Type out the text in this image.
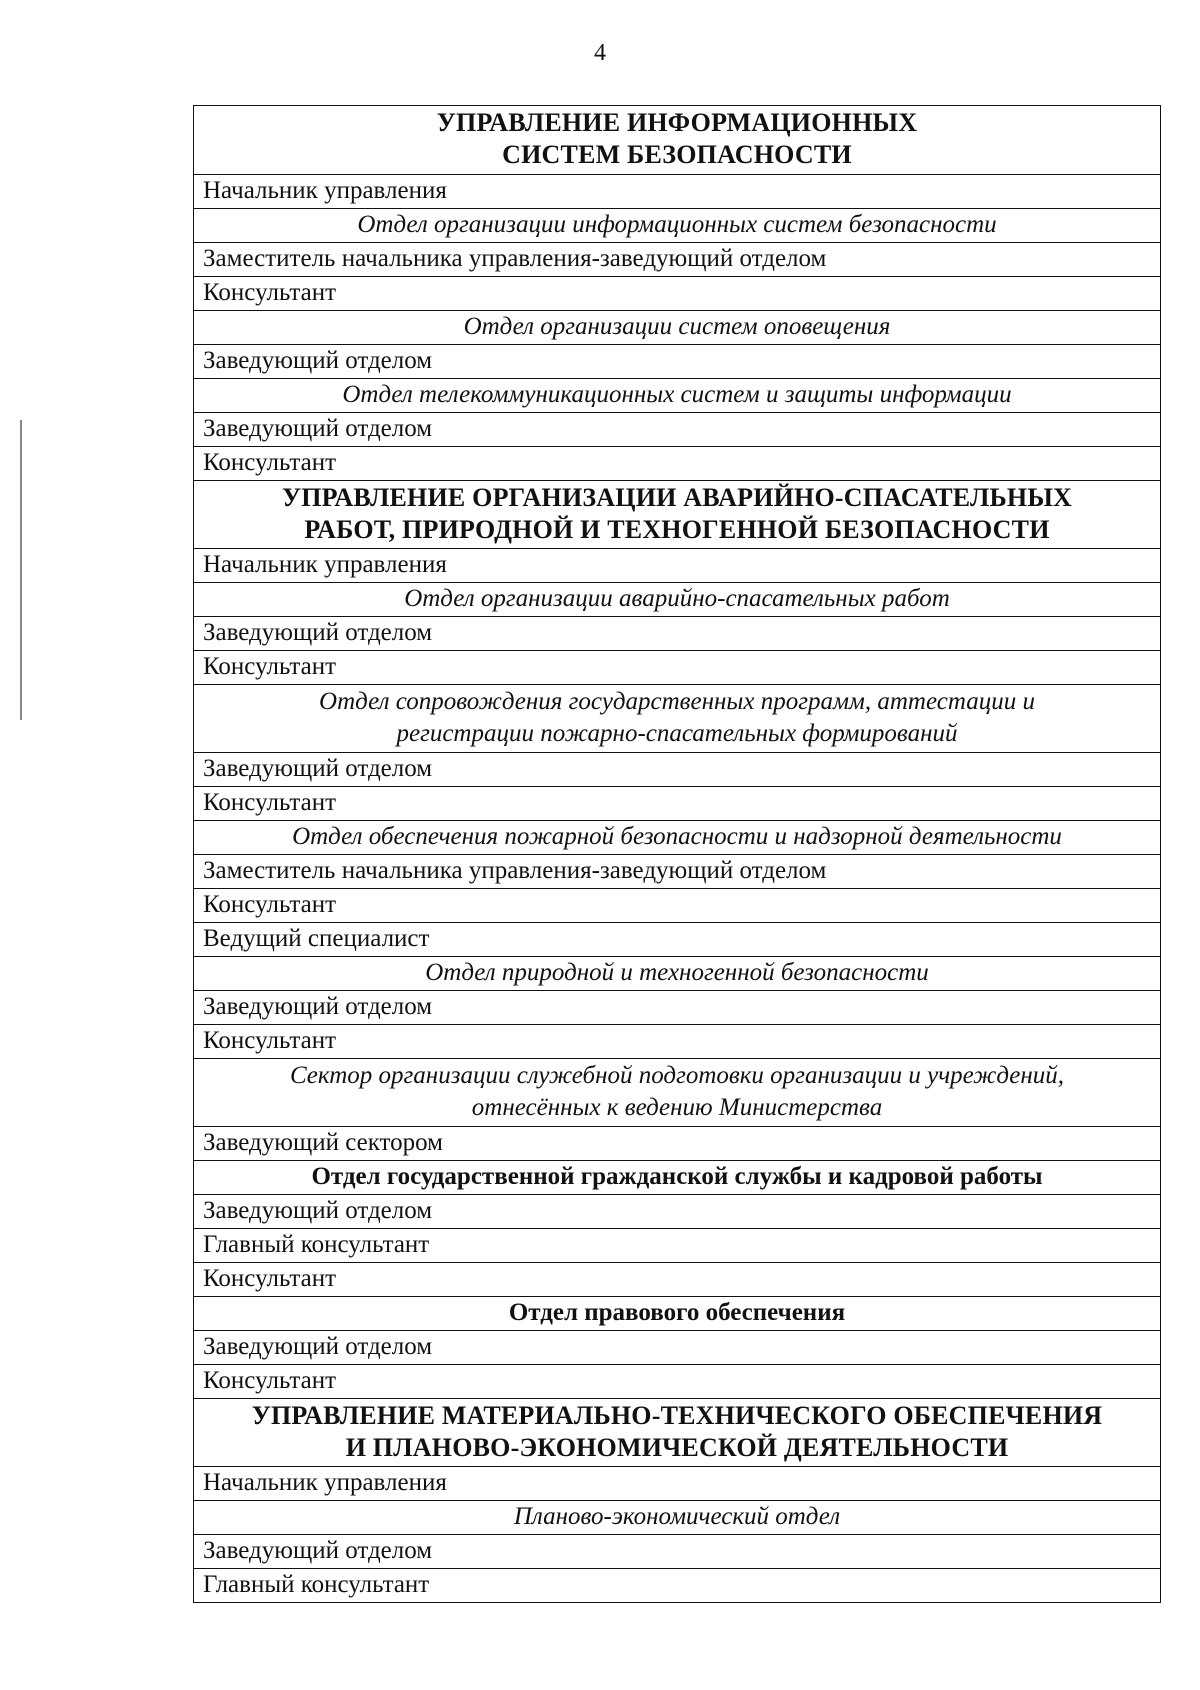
4
УПРАВЛЕНИЕ ИНФОРМАЦИОННЫХ
СИСТЕМ БЕЗОПАСНОСТИ
Начальник управления
Отдел организации информационных систем безопасности
Заместитель начальника управления-заведующий отделом
Консультант
Отдел организации систем оповещения
Заведующий отделом
Отдел телекоммуникационных систем и защиты информации
Заведующий отделом
Консультант
УПРАВЛЕНИЕ ОРГАНИЗАЦИИ АВАРИЙНО-СПАСАТЕЛЬНЫХ
РАБОТ, ПРИРОДНОЙ И ТЕХНОГЕННОЙ БЕЗОПАСНОСТИ
Начальник управления
Отдел организации аварийно-спасательных работ
Заведующий отделом
Консультант
Отдел сопровождения государственных программ, аттестации и
регистрации пожарно-спасательных формирований
Заведующий отделом
Консультант
Отдел обеспечения пожарной безопасности и надзорной деятельности
Заместитель начальника управления-заведующий отделом
Консультант
Ведущий специалист
Отдел природной и техногенной безопасности
Заведующий отделом
Консультант
Сектор организации служебной подготовки организации и учреждений,
отнесённых к ведению Министерства
Заведующий сектором
Отдел государственной гражданской службы и кадровой работы
Заведующий отделом
Главный консультант
Консультант
Отдел правового обеспечения
Заведующий отделом
Консультант
УПРАВЛЕНИЕ МАТЕРИАЛЬНО-ТЕХНИЧЕСКОГО ОБЕСПЕЧЕНИЯ
И ПЛАНОВО-ЭКОНОМИЧЕСКОЙ ДЕЯТЕЛЬНОСТИ
Начальник управления
Планово-экономический отдел
Заведующий отделом
Главный консультант
